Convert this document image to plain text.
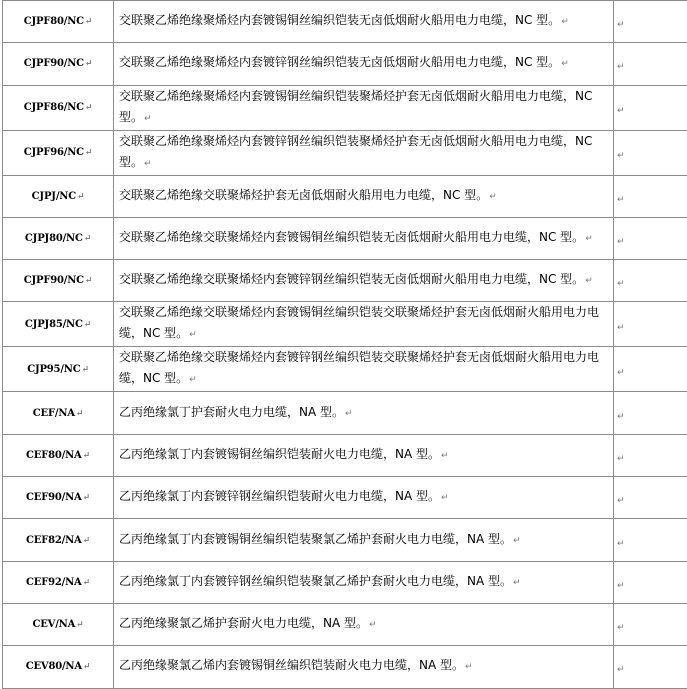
CJPF80/NC↵	交联聚乙烯绝缘聚烯烃内套镀锡铜丝编织铠装无卤低烟耐火船用电力电缆，NC 型。↵	↵
CJPF90/NC↵	交联聚乙烯绝缘聚烯烃内套镀锌钢丝编织铠装无卤低烟耐火船用电力电缆，NC 型。↵	↵
CJPF86/NC↵	交联聚乙烯绝缘聚烯烃内套镀锡铜丝编织铠装聚烯烃护套无卤低烟耐火船用电力电缆，NC 型。↵	↵
CJPF96/NC↵	交联聚乙烯绝缘聚烯烃内套镀锌钢丝编织铠装聚烯烃护套无卤低烟耐火船用电力电缆，NC 型。↵	↵
CJPJ/NC↵	交联聚乙烯绝缘交联聚烯烃护套无卤低烟耐火船用电力电缆，NC 型。↵	↵
CJPJ80/NC↵	交联聚乙烯绝缘交联聚烯烃内套镀锡铜丝编织铠装无卤低烟耐火船用电力电缆，NC 型。↵	↵
CJPF90/NC↵	交联聚乙烯绝缘交联聚烯烃内套镀锌钢丝编织铠装无卤低烟耐火船用电力电缆，NC 型。↵	↵
CJPJ85/NC↵	交联聚乙烯绝缘交联聚烯烃内套镀锡铜丝编织铠装交联聚烯烃护套无卤低烟耐火船用电力电缆，NC 型。↵	↵
CJP95/NC↵	交联聚乙烯绝缘交联聚烯烃内套镀锌钢丝编织铠装交联聚烯烃护套无卤低烟耐火船用电力电缆，NC 型。↵	↵
CEF/NA↵	乙丙绝缘氯丁护套耐火电力电缆，NA 型。↵	↵
CEF80/NA↵	乙丙绝缘氯丁内套镀锡铜丝编织铠装耐火电力电缆，NA 型。↵	↵
CEF90/NA↵	乙丙绝缘氯丁内套镀锌钢丝编织铠装耐火电力电缆，NA 型。↵	↵
CEF82/NA↵	乙丙绝缘氯丁内套镀锡铜丝编织铠装聚氯乙烯护套耐火电力电缆，NA 型。↵	↵
CEF92/NA↵	乙丙绝缘氯丁内套镀锌钢丝编织铠装聚氯乙烯护套耐火电力电缆，NA 型。↵	↵
CEV/NA↵	乙丙绝缘聚氯乙烯护套耐火电力电缆，NA 型。↵	↵
CEV80/NA↵	乙丙绝缘聚氯乙烯内套镀锡铜丝编织铠装耐火电力电缆，NA 型。↵	↵
